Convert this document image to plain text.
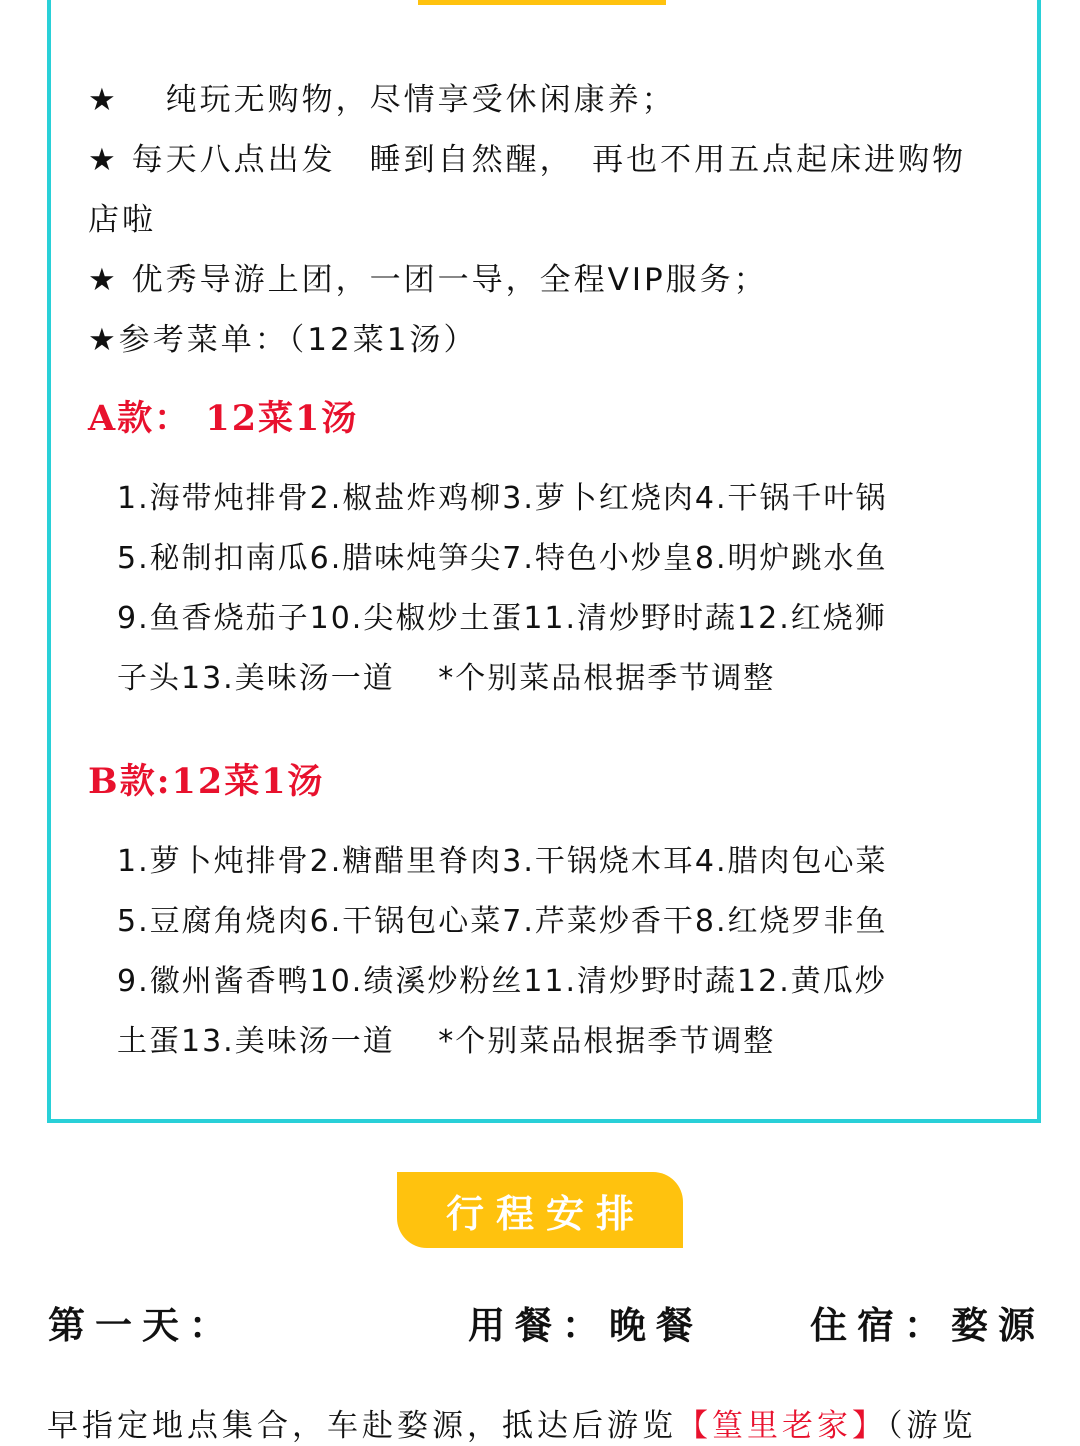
★　 纯玩无购物，尽情享受休闲康养；
★ 每天八点出发　睡到自然醒，　再也不用五点起床进购物
店啦
★ 优秀导游上团，一团一导，全程VIP服务；
★参考菜单：（12菜1汤）
A款： 12菜1汤
1.海带炖排骨2.椒盐炸鸡柳3.萝卜红烧肉4.干锅千叶锅
5.秘制扣南瓜6.腊味炖笋尖7.特色小炒皇8.明炉跳水鱼
9.鱼香烧茄子10.尖椒炒土蛋11.清炒野时蔬12.红烧狮
子头13.美味汤一道　 *个别菜品根据季节调整
B款:12菜1汤
1.萝卜炖排骨2.糖醋里脊肉3.干锅烧木耳4.腊肉包心菜
5.豆腐角烧肉6.干锅包心菜7.芹菜炒香干8.红烧罗非鱼
9.徽州酱香鸭10.绩溪炒粉丝11.清炒野时蔬12.黄瓜炒
土蛋13.美味汤一道　 *个别菜品根据季节调整
行程安排
第一天：	用餐：晚餐	住宿：婺源
早指定地点集合，车赴婺源，抵达后游览【篁里老家】（游览
